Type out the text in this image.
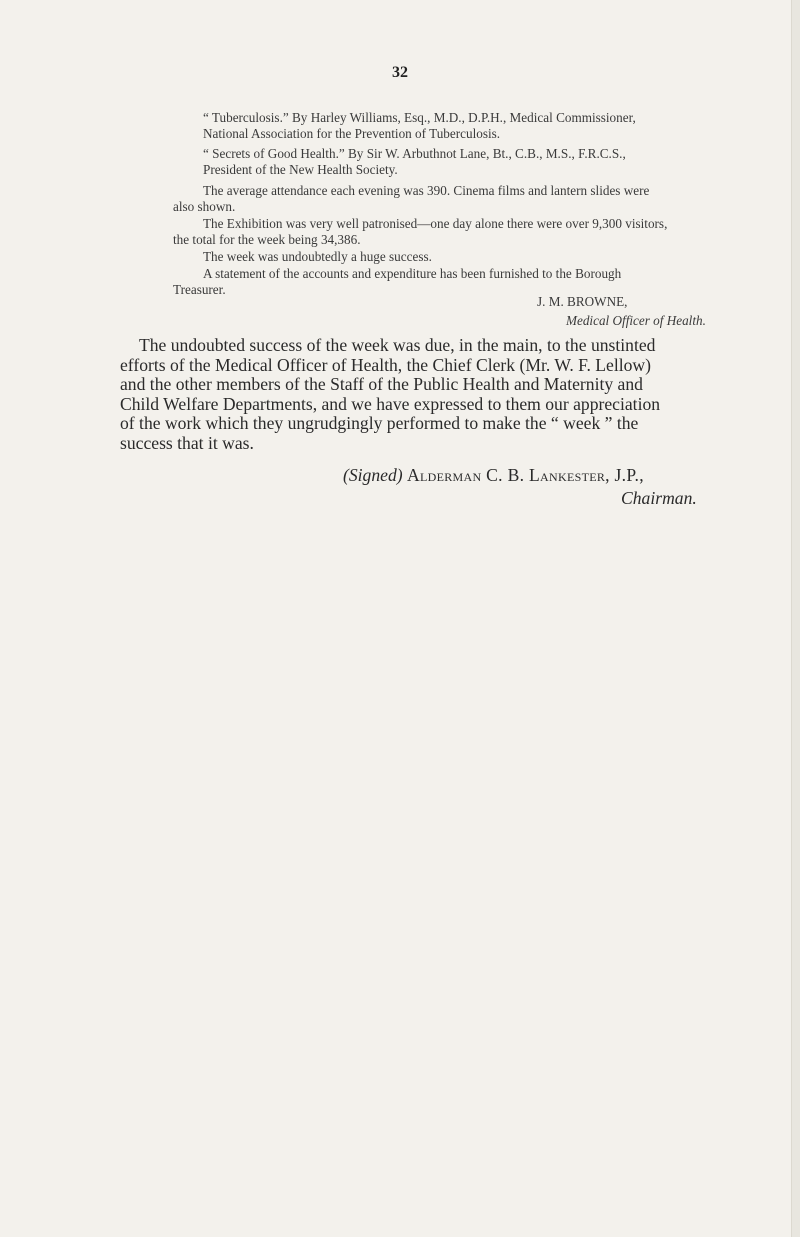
32

“ Tuberculosis.” By Harley Williams, Esq., M.D., D.P.H., Medical Commissioner,
National Association for the Prevention of Tuberculosis.

“ Secrets of Good Health.” By Sir W. Arbuthnot Lane, Bt., C.B., M.S., F.R.C.S.,
President of the New Health Society.

The average attendance each evening was 390. Cinema films and lantern slides were
also shown.

The Exhibition was very well patronised—one day alone there were over 9,300 visitors,
the total for the week being 34,386.

The week was undoubtedly a huge success.

A statement of the accounts and expenditure has been furnished to the Borough
Treasurer.

J. M. BROWNE,

Medical Officer of Health.

The undoubted success of the week was due, in the main, to the unstinted
efforts of the Medical Officer of Health, the Chief Clerk (Mr. W. F. Lellow)
and the other members of the Staff of the Public Health and Maternity and
Child Welfare Departments, and we have expressed to them our appreciation
of the work which they ungrudgingly performed to make the “ week ” the
success that it was.

(Signed) Alderman C. B. Lankester, J.P.,

Chairman.
